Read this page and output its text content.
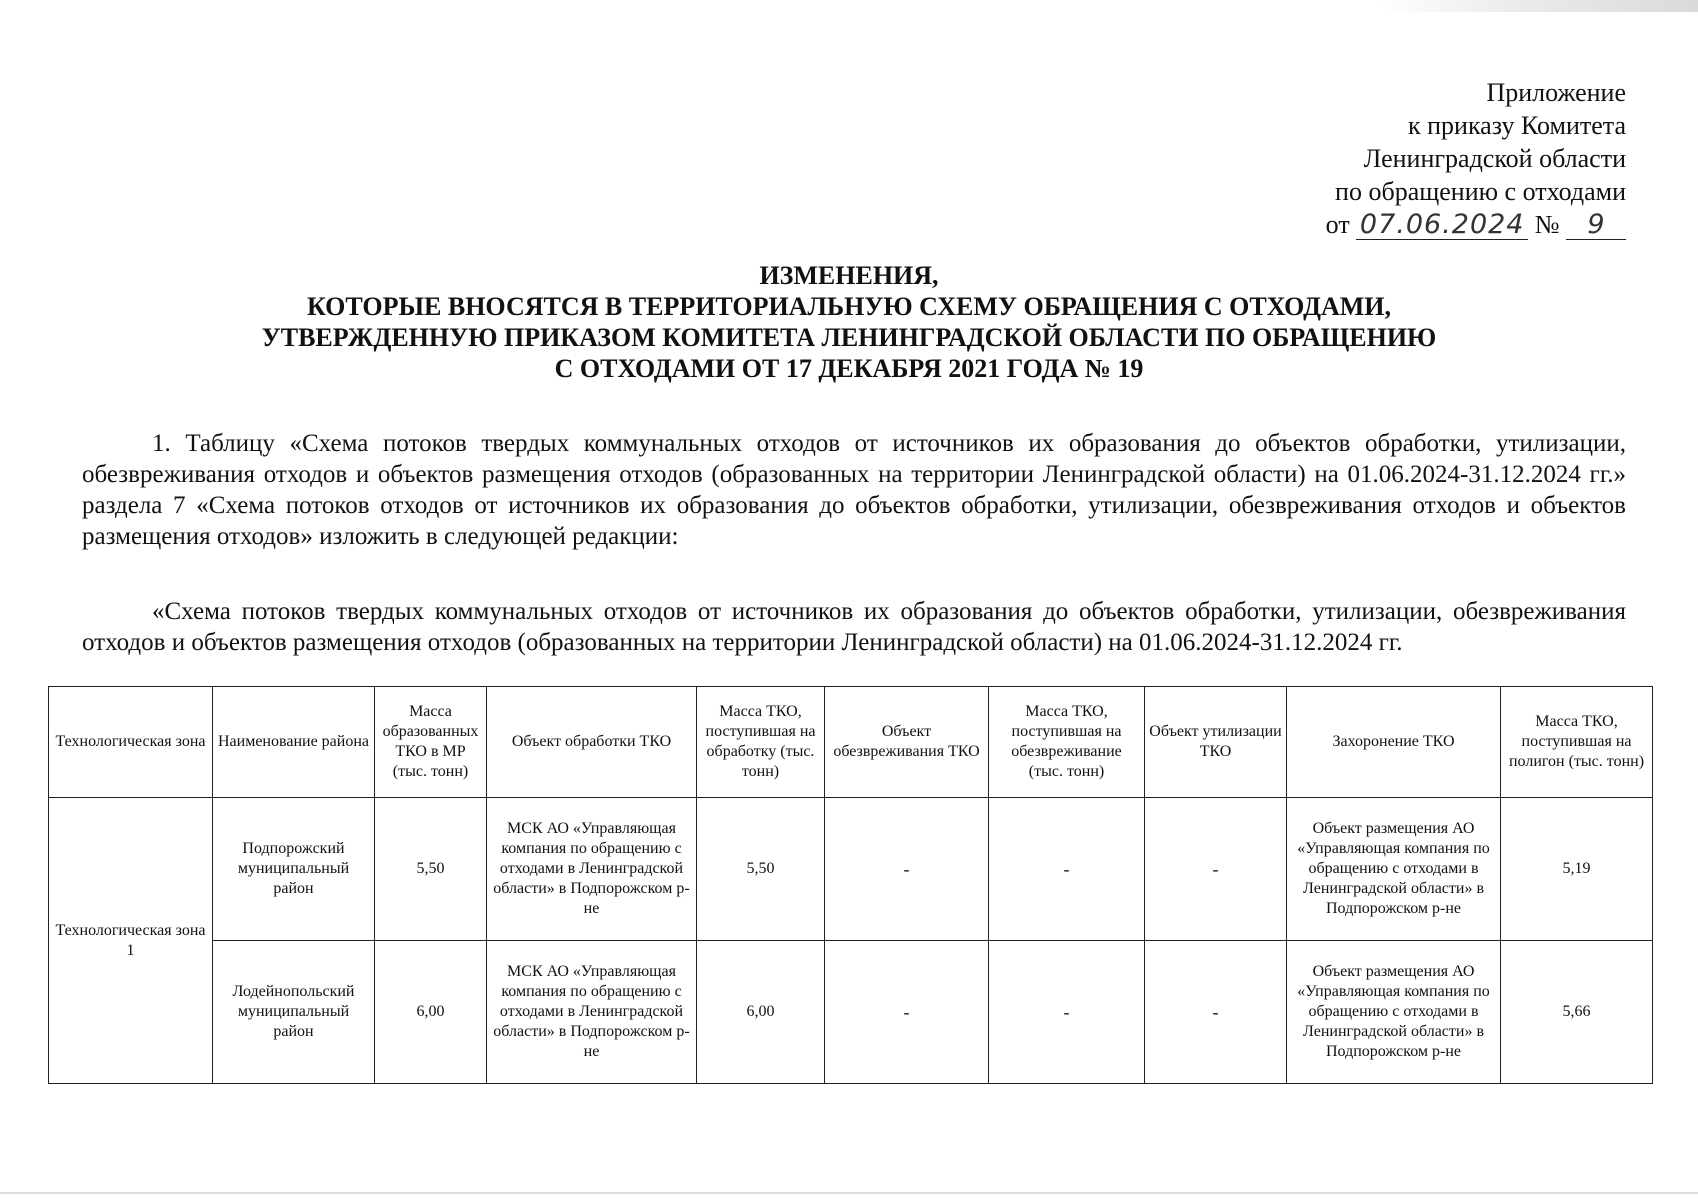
Приложение
к приказу Комитета
Ленинградской области
по обращению с отходами
от 07.06.2024 № 9
ИЗМЕНЕНИЯ,
КОТОРЫЕ ВНОСЯТСЯ В ТЕРРИТОРИАЛЬНУЮ СХЕМУ ОБРАЩЕНИЯ С ОТХОДАМИ,
УТВЕРЖДЕННУЮ ПРИКАЗОМ КОМИТЕТА ЛЕНИНГРАДСКОЙ ОБЛАСТИ ПО ОБРАЩЕНИЮ
С ОТХОДАМИ ОТ 17 ДЕКАБРЯ 2021 ГОДА № 19
1. Таблицу «Схема потоков твердых коммунальных отходов от источников их образования до объектов обработки, утилизации, обезвреживания отходов и объектов размещения отходов (образованных на территории Ленинградской области) на 01.06.2024-31.12.2024 гг.» раздела 7 «Схема потоков отходов от источников их образования до объектов обработки, утилизации, обезвреживания отходов и объектов размещения отходов» изложить в следующей редакции:
«Схема потоков твердых коммунальных отходов от источников их образования до объектов обработки, утилизации, обезвреживания отходов и объектов размещения отходов (образованных на территории Ленинградской области) на 01.06.2024-31.12.2024 гг.
Технологическая зона	Наименование района	Масса образованных ТКО в МР (тыс. тонн)	Объект обработки ТКО	Масса ТКО, поступившая на обработку (тыс. тонн)	Объект обезвреживания ТКО	Масса ТКО, поступившая на обезвреживание (тыс. тонн)	Объект утилизации ТКО	Захоронение ТКО	Масса ТКО, поступившая на полигон (тыс. тонн)
Технологическая зона 1	Подпорожский муниципальный район	5,50	МСК АО «Управляющая компания по обращению с отходами в Ленинградской области» в Подпорожском р-не	5,50	-	-	-	Объект размещения АО «Управляющая компания по обращению с отходами в Ленинградской области» в Подпорожском р-не	5,19
	Лодейнопольский муниципальный район	6,00	МСК АО «Управляющая компания по обращению с отходами в Ленинградской области» в Подпорожском р-не	6,00	-	-	-	Объект размещения АО «Управляющая компания по обращению с отходами в Ленинградской области» в Подпорожском р-не	5,66
